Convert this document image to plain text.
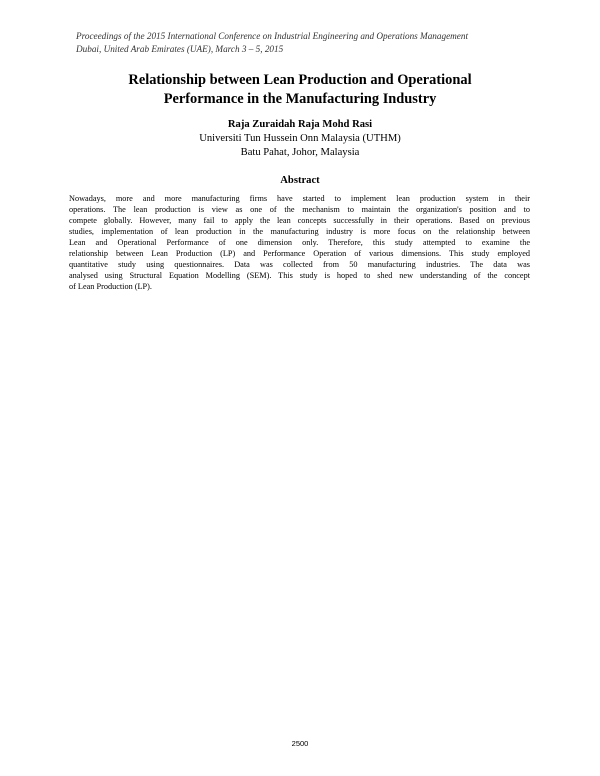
Proceedings of the 2015 International Conference on Industrial Engineering and Operations Management
Dubai, United Arab Emirates (UAE), March 3 – 5, 2015
Relationship between Lean Production and Operational
Performance in the Manufacturing Industry
Raja Zuraidah Raja Mohd Rasi
Universiti Tun Hussein Onn Malaysia (UTHM)
Batu Pahat, Johor, Malaysia
Abstract
Nowadays, more and more manufacturing firms have started to implement lean production system in their
operations. The lean production is view as one of the mechanism to maintain the organization's position and to
compete globally. However, many fail to apply the lean concepts successfully in their operations. Based on previous
studies, implementation of lean production in the manufacturing industry is more focus on the relationship between
Lean and Operational Performance of one dimension only. Therefore, this study attempted to examine the
relationship between Lean Production (LP) and Performance Operation of various dimensions. This study employed
quantitative study using questionnaires. Data was collected from 50 manufacturing industries. The data was
analysed using Structural Equation Modelling (SEM). This study is hoped to shed new understanding of the concept
of Lean Production (LP).
2500
